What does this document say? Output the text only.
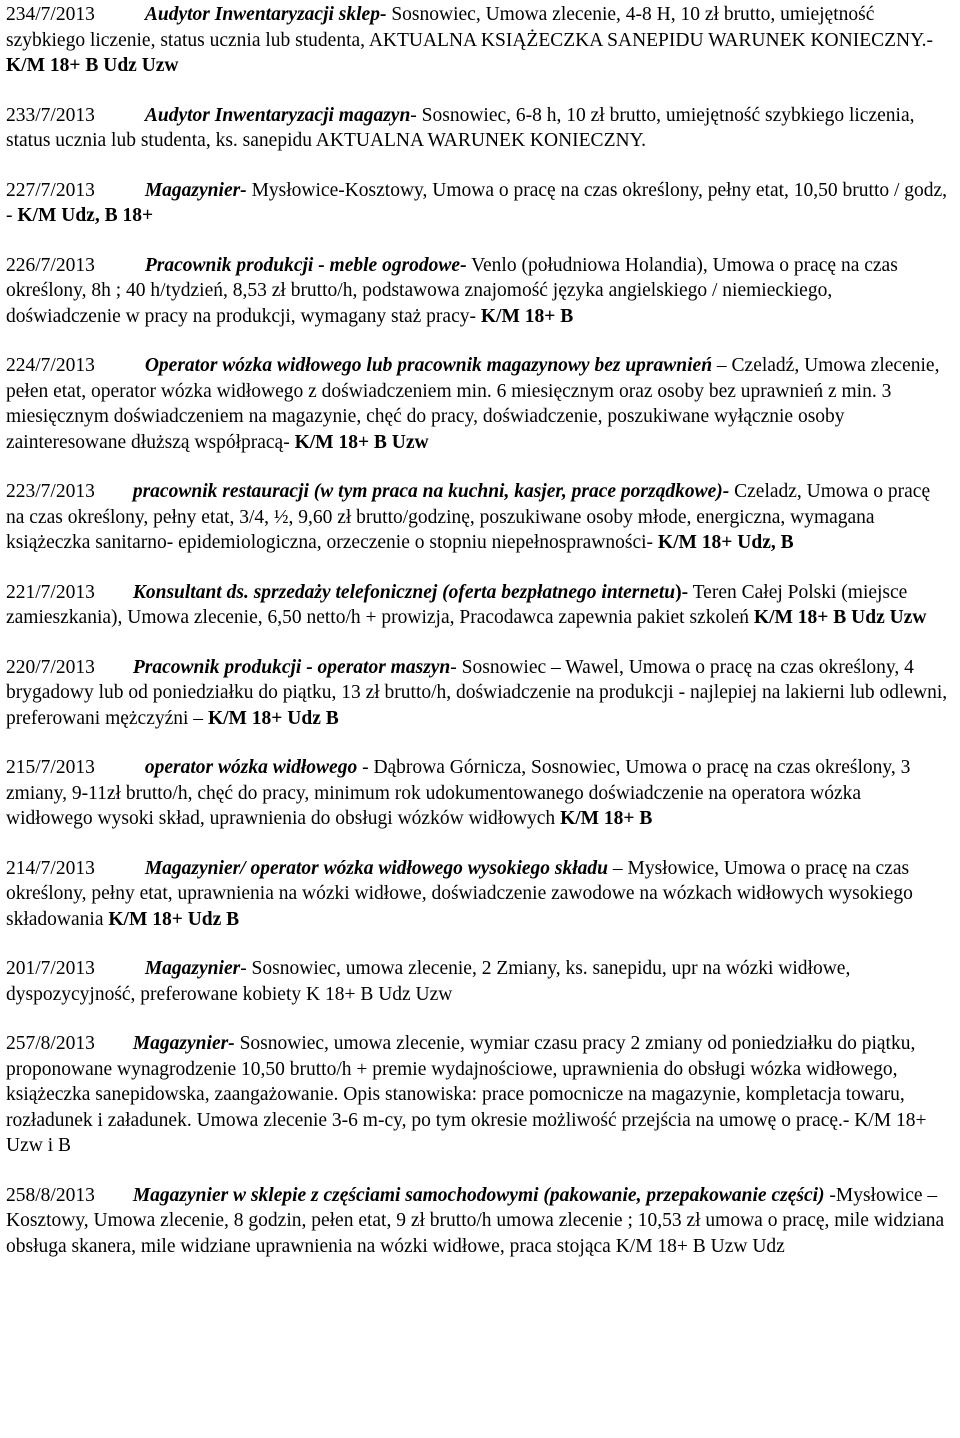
234/7/2013	Audytor Inwentaryzacji sklep- Sosnowiec, Umowa zlecenie, 4-8 H, 10 zł brutto, umiejętność szybkiego liczenie, status ucznia lub studenta, AKTUALNA KSIĄŻECZKA SANEPIDU WARUNEK KONIECZNY.- K/M 18+ B Udz Uzw

233/7/2013	Audytor Inwentaryzacji magazyn- Sosnowiec, 6-8 h, 10 zł brutto, umiejętność szybkiego liczenia, status ucznia lub studenta, ks. sanepidu AKTUALNA WARUNEK KONIECZNY.

227/7/2013	Magazynier- Mysłowice-Kosztowy, Umowa o pracę na czas określony, pełny etat, 10,50 brutto / godz, - K/M Udz, B 18+

226/7/2013	Pracownik produkcji - meble ogrodowe- Venlo (południowa Holandia), Umowa o pracę na czas określony, 8h ; 40 h/tydzień, 8,53 zł brutto/h, podstawowa znajomość języka angielskiego / niemieckiego, doświadczenie w pracy na produkcji, wymagany staż pracy- K/M 18+ B

224/7/2013	Operator wózka widłowego lub pracownik magazynowy bez uprawnień – Czeladź, Umowa zlecenie, pełen etat, operator wózka widłowego z doświadczeniem min. 6 miesięcznym oraz osoby bez uprawnień z min. 3 miesięcznym doświadczeniem na magazynie, chęć do pracy, doświadczenie, poszukiwane wyłącznie osoby zainteresowane dłuższą współpracą- K/M 18+ B Uzw

223/7/2013 pracownik restauracji (w tym praca na kuchni, kasjer, prace porządkowe)- Czeladz, Umowa o pracę na czas określony, pełny etat, 3/4, ½, 9,60 zł brutto/godzinę, poszukiwane osoby młode, energiczna, wymagana książeczka sanitarno- epidemiologiczna, orzeczenie o stopniu niepełnosprawności- K/M 18+ Udz, B

221/7/2013 Konsultant ds. sprzedaży telefonicznej (oferta bezpłatnego internetu)- Teren Całej Polski (miejsce zamieszkania), Umowa zlecenie, 6,50 netto/h + prowizja, Pracodawca zapewnia pakiet szkoleń K/M 18+ B Udz Uzw

220/7/2013 Pracownik produkcji - operator maszyn- Sosnowiec – Wawel, Umowa o pracę na czas określony, 4 brygadowy lub od poniedziałku do piątku, 13 zł brutto/h, doświadczenie na produkcji - najlepiej na lakierni lub odlewni, preferowani mężczyźni – K/M 18+ Udz B

215/7/2013	operator wózka widłowego - Dąbrowa Górnicza, Sosnowiec, Umowa o pracę na czas określony, 3 zmiany, 9-11zł brutto/h, chęć do pracy, minimum rok udokumentowanego doświadczenie na operatora wózka widłowego wysoki skład, uprawnienia do obsługi wózków widłowych K/M 18+ B

214/7/2013	Magazynier/ operator wózka widłowego wysokiego składu – Mysłowice, Umowa o pracę na czas określony, pełny etat, uprawnienia na wózki widłowe, doświadczenie zawodowe na wózkach widłowych wysokiego składowania K/M 18+ Udz B

201/7/2013	Magazynier- Sosnowiec, umowa zlecenie, 2 Zmiany, ks. sanepidu, upr na wózki widłowe, dyspozycyjność, preferowane kobiety K 18+ B Udz Uzw

257/8/2013 Magazynier- Sosnowiec, umowa zlecenie, wymiar czasu pracy 2 zmiany od poniedziałku do piątku, proponowane wynagrodzenie 10,50 brutto/h + premie wydajnościowe, uprawnienia do obsługi wózka widłowego, książeczka sanepidowska, zaangażowanie. Opis stanowiska: prace pomocnicze na magazynie, kompletacja towaru, rozładunek i załadunek. Umowa zlecenie 3-6 m-cy, po tym okresie możliwość przejścia na umowę o pracę.- K/M 18+ Uzw i B

258/8/2013 Magazynier w sklepie z częściami samochodowymi (pakowanie, przepakowanie części) -Mysłowice – Kosztowy, Umowa zlecenie, 8 godzin, pełen etat, 9 zł brutto/h umowa zlecenie ; 10,53 zł umowa o pracę, mile widziana obsługa skanera, mile widziane uprawnienia na wózki widłowe, praca stojąca K/M 18+ B Uzw Udz
